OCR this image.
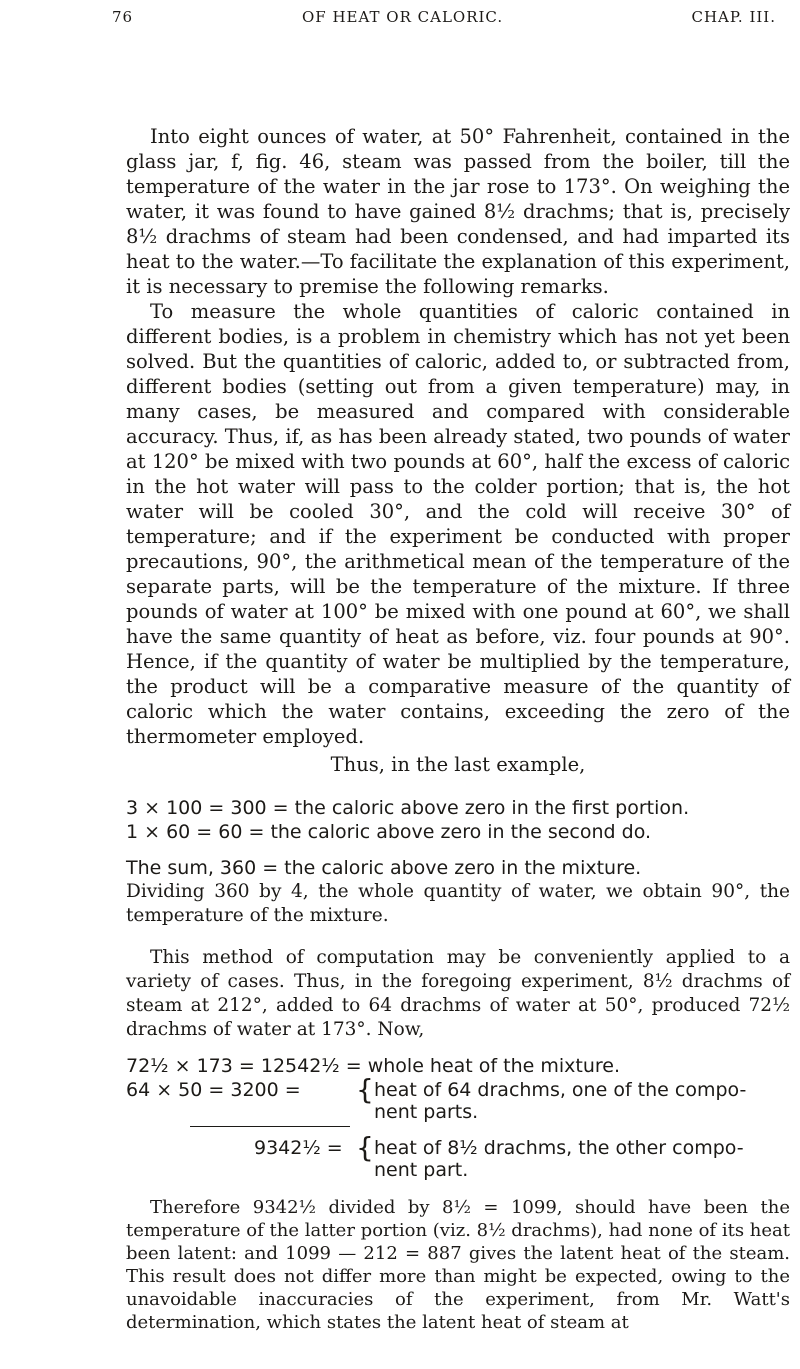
76	OF HEAT OR CALORIC.	CHAP. III.

Into eight ounces of water, at 50° Fahrenheit, contained in the glass jar, f, fig. 46, steam was passed from the boiler, till the temperature of the water in the jar rose to 173°. On weighing the water, it was found to have gained 8½ drachms; that is, precisely 8½ drachms of steam had been condensed, and had imparted its heat to the water.—To facilitate the explanation of this experiment, it is necessary to premise the following remarks.

To measure the whole quantities of caloric contained in different bodies, is a problem in chemistry which has not yet been solved. But the quantities of caloric, added to, or subtracted from, different bodies (setting out from a given temperature) may, in many cases, be measured and compared with considerable accuracy. Thus, if, as has been already stated, two pounds of water at 120° be mixed with two pounds at 60°, half the excess of caloric in the hot water will pass to the colder portion; that is, the hot water will be cooled 30°, and the cold will receive 30° of temperature; and if the experiment be conducted with proper precautions, 90°, the arithmetical mean of the temperature of the separate parts, will be the temperature of the mixture. If three pounds of water at 100° be mixed with one pound at 60°, we shall have the same quantity of heat as before, viz. four pounds at 90°. Hence, if the quantity of water be multiplied by the temperature, the product will be a comparative measure of the quantity of caloric which the water contains, exceeding the zero of the thermometer employed.

Thus, in the last example,
3 × 100 = 300 = the caloric above zero in the first portion.
1 × 60 = 60 = the caloric above zero in the second do.
The sum, 360 = the caloric above zero in the mixture.
Dividing 360 by 4, the whole quantity of water, we obtain 90°, the temperature of the mixture.
This method of computation may be conveniently applied to a variety of cases. Thus, in the foregoing experiment, 8½ drachms of steam at 212°, added to 64 drachms of water at 50°, produced 72½ drachms of water at 173°. Now,
72½ × 173 = 12542½ = whole heat of the mixture.
64 × 50 = 3200 =	{ heat of 64 drachms, one of the compo-
nent parts.
9342½ = { heat of 8½ drachms, the other compo-
nent part.
Therefore 9342½ divided by 8½ = 1099, should have been the temperature of the latter portion (viz. 8½ drachms), had none of its heat been latent: and 1099 — 212 = 887 gives the latent heat of the steam. This result does not differ more than might be expected, owing to the unavoidable inaccuracies of the experiment, from Mr. Watt's determination, which states the latent heat of steam at
